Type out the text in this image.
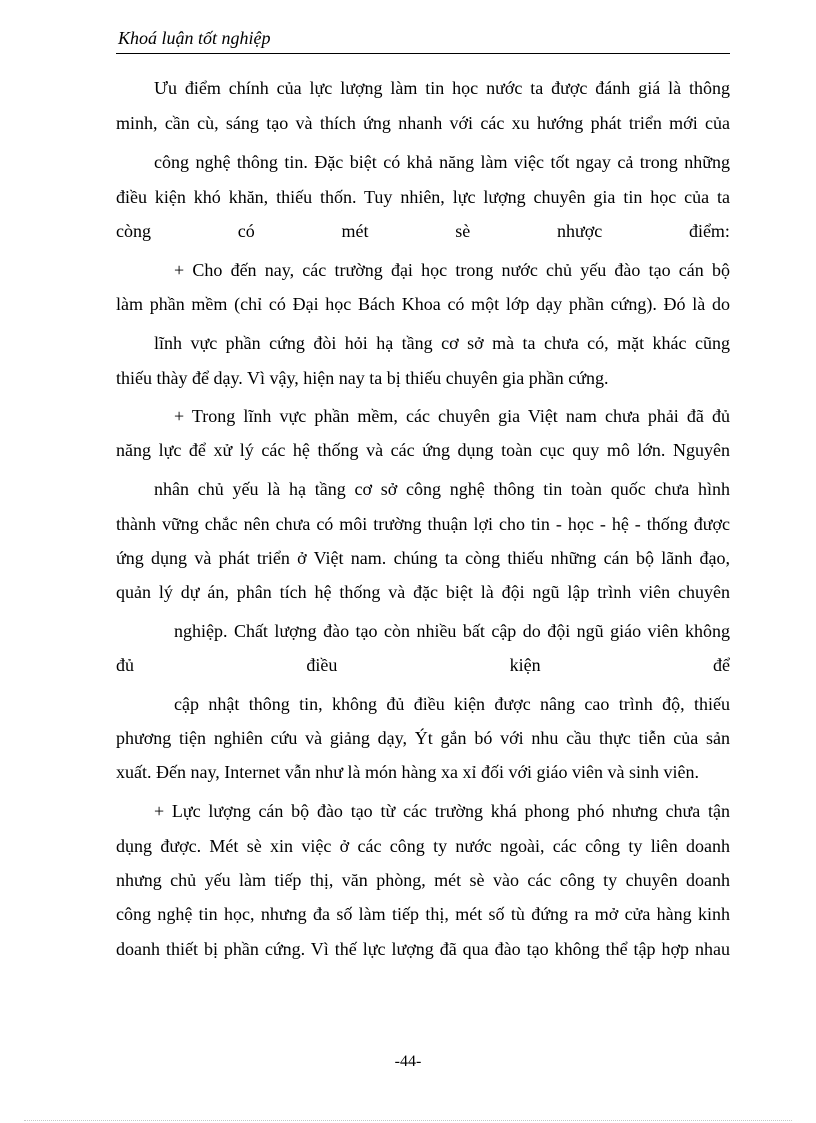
Khoá luận tốt nghiệp
Ưu điểm chính của lực lượng làm tin học nước ta được đánh giá là thông
minh, cần cù, sáng tạo và thích ứng nhanh với các xu hướng phát triển mới của
công nghệ thông tin. Đặc biệt có khả năng làm việc tốt ngay cả trong những
điều kiện khó khăn, thiếu thốn. Tuy nhiên, lực lượng chuyên gia tin học của ta
còng	có	mét	sè	nhược	điểm:
+ Cho đến nay, các trường đại học trong nước chủ yếu đào tạo cán bộ
làm phần mềm (chỉ có Đại học Bách Khoa có một lớp dạy phần cứng). Đó là do
lĩnh vực phần cứng đòi hỏi hạ tầng cơ sở mà ta chưa có, mặt khác cũng
thiếu thày để dạy. Vì vậy, hiện nay ta bị thiếu chuyên gia phần cứng.
+ Trong lĩnh vực phần mềm, các chuyên gia Việt nam chưa phải đã đủ
năng lực để xử lý các hệ thống và các ứng dụng toàn cục quy mô lớn. Nguyên
nhân chủ yếu là hạ tầng cơ sở công nghệ thông tin toàn quốc chưa hình
thành vững chắc nên chưa có môi trường thuận lợi cho tin - học - hệ - thống được
ứng dụng và phát triển ở Việt nam. chúng ta còng thiếu những cán bộ lãnh đạo,
quản lý dự án, phân tích hệ thống và đặc biệt là đội ngũ lập trình viên chuyên
nghiệp. Chất lượng đào tạo còn nhiều bất cập do đội ngũ giáo viên không
đủ	điều	kiện	để
cập nhật thông tin, không đủ điều kiện được nâng cao trình độ, thiếu
phương tiện nghiên cứu và giảng dạy, Ýt gắn bó với nhu cầu thực tiễn của sản
xuất. Đến nay, Internet vẫn như là món hàng xa xỉ đối với giáo viên và sinh viên.
+ Lực lượng cán bộ đào tạo từ các trường khá phong phó nhưng chưa tận
dụng được. Mét sè xin việc ở các công ty nước ngoài, các công ty liên doanh
nhưng chủ yếu làm tiếp thị, văn phòng, mét sè vào các công ty chuyên doanh
công nghệ tin học, nhưng đa số làm tiếp thị, mét số tù đứng ra mở cửa hàng kinh
doanh thiết bị phần cứng. Vì thế lực lượng đã qua đào tạo không thể tập hợp nhau
-44-
